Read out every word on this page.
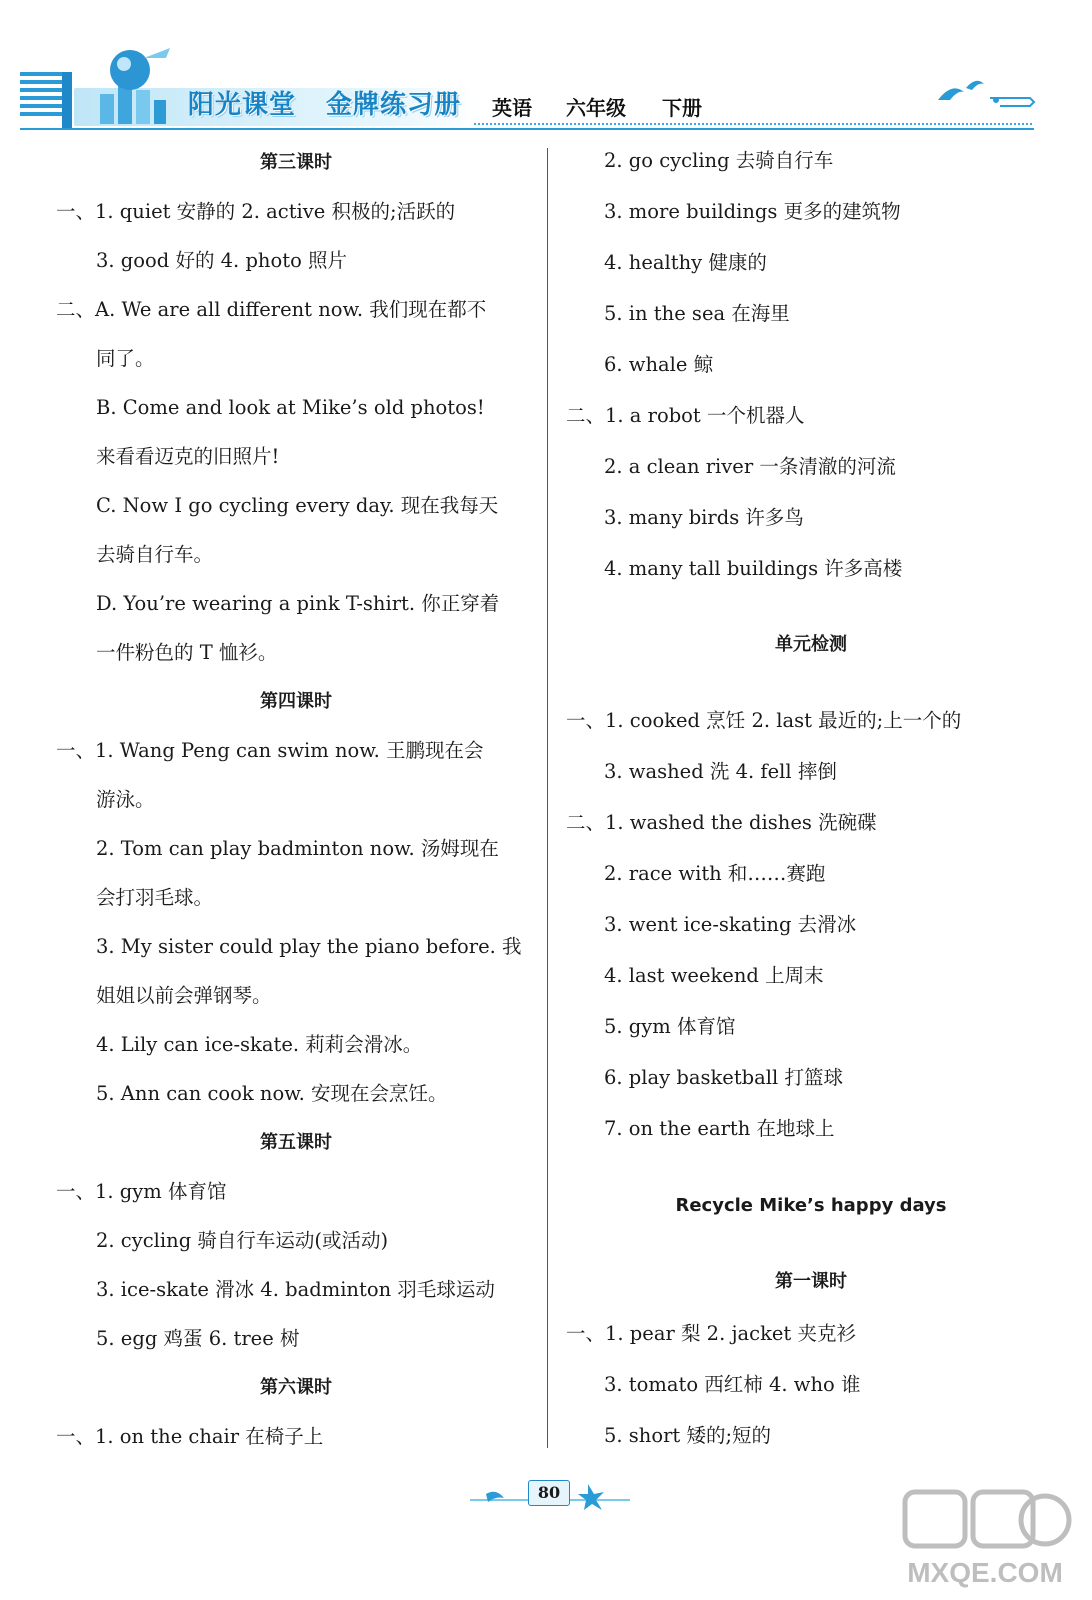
阳光课堂 金牌练习册 英语 六年级 下册
第三课时
一、1. quiet 安静的 2. active 积极的;活跃的
3. good 好的 4. photo 照片
二、A. We are all different now. 我们现在都不
同了。
B. Come and look at Mike’s old photos!
来看看迈克的旧照片!
C. Now I go cycling every day. 现在我每天
去骑自行车。
D. You’re wearing a pink T-shirt. 你正穿着
一件粉色的 T 恤衫。
第四课时
一、1. Wang Peng can swim now. 王鹏现在会
游泳。
2. Tom can play badminton now. 汤姆现在
会打羽毛球。
3. My sister could play the piano before. 我
姐姐以前会弹钢琴。
4. Lily can ice-skate. 莉莉会滑冰。
5. Ann can cook now. 安现在会烹饪。
第五课时
一、1. gym 体育馆
2. cycling 骑自行车运动(或活动)
3. ice-skate 滑冰 4. badminton 羽毛球运动
5. egg 鸡蛋 6. tree 树
第六课时
一、1. on the chair 在椅子上
2. go cycling 去骑自行车
3. more buildings 更多的建筑物
4. healthy 健康的
5. in the sea 在海里
6. whale 鲸
二、1. a robot 一个机器人
2. a clean river 一条清澈的河流
3. many birds 许多鸟
4. many tall buildings 许多高楼
单元检测
一、1. cooked 烹饪 2. last 最近的;上一个的
3. washed 洗 4. fell 摔倒
二、1. washed the dishes 洗碗碟
2. race with 和……赛跑
3. went ice-skating 去滑冰
4. last weekend 上周末
5. gym 体育馆
6. play basketball 打篮球
7. on the earth 在地球上
Recycle Mike’s happy days
第一课时
一、1. pear 梨 2. jacket 夹克衫
3. tomato 西红柿 4. who 谁
5. short 矮的;短的
80
MXQE.COM
